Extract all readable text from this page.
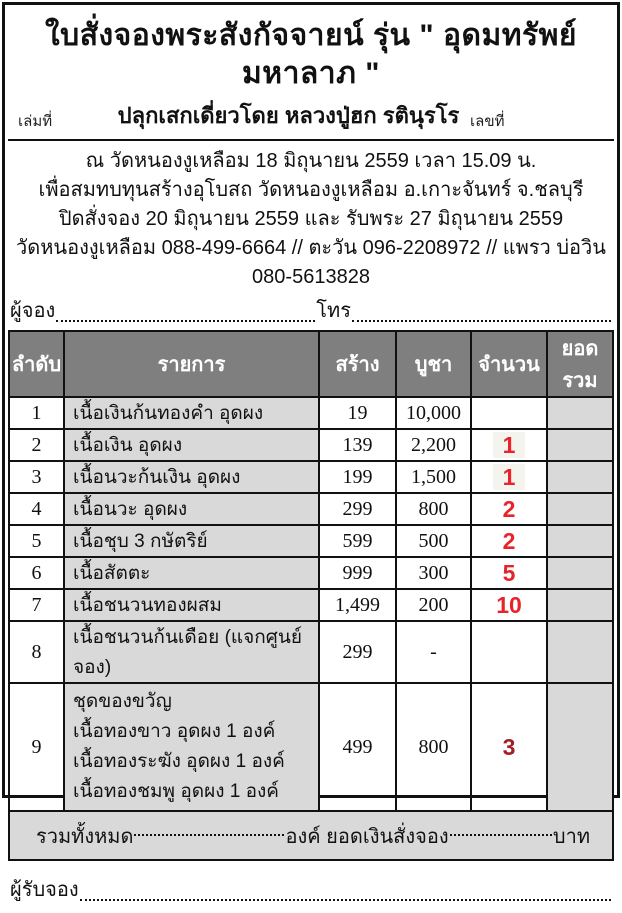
ใบสั่งจองพระสังกัจจายน์ รุ่น " อุดมทรัพย์มหาลาภ "
เล่มที่	ปลุกเสกเดี่ยวโดย หลวงปู่ฮก รตินุรโร เลขที่
ณ วัดหนองงูเหลือม 18 มิถุนายน 2559 เวลา 15.09 น.
เพื่อสมทบทุนสร้างอุโบสถ วัดหนองงูเหลือม อ.เกาะจันทร์ จ.ชลบุรี
ปิดสั่งจอง 20 มิถุนายน 2559 และ รับพระ 27 มิถุนายน 2559
วัดหนองงูเหลือม 088-499-6664 // ตะวัน 096-2208972 // แพรว บ่อวิน 080-5613828
ผู้จอง	โทร
ลำดับ	รายการ	สร้าง	บูชา	จำนวน	ยอดรวม
1	เนื้อเงินก้นทองคำ อุดผง	19	10,000		
2	เนื้อเงิน อุดผง	139	2,200	1	
3	เนื้อนวะก้นเงิน อุดผง	199	1,500	1	
4	เนื้อนวะ อุดผง	299	800	2	
5	เนื้อชุบ 3 กษัตริย์	599	500	2	
6	เนื้อสัตตะ	999	300	5	
7	เนื้อชนวนทองผสม	1,499	200	10	
8	เนื้อชนวนก้นเดือย (แจกศูนย์จอง)	299	-		
9	ชุดของขวัญ
เนื้อทองขาว อุดผง 1 องค์
เนื้อทองระฆัง อุดผง 1 องค์
เนื้อทองชมพู อุดผง 1 องค์	499	800	3	
รวมทั้งหมด	องค์ ยอดเงินสั่งจอง	บาท
ผู้รับจอง
